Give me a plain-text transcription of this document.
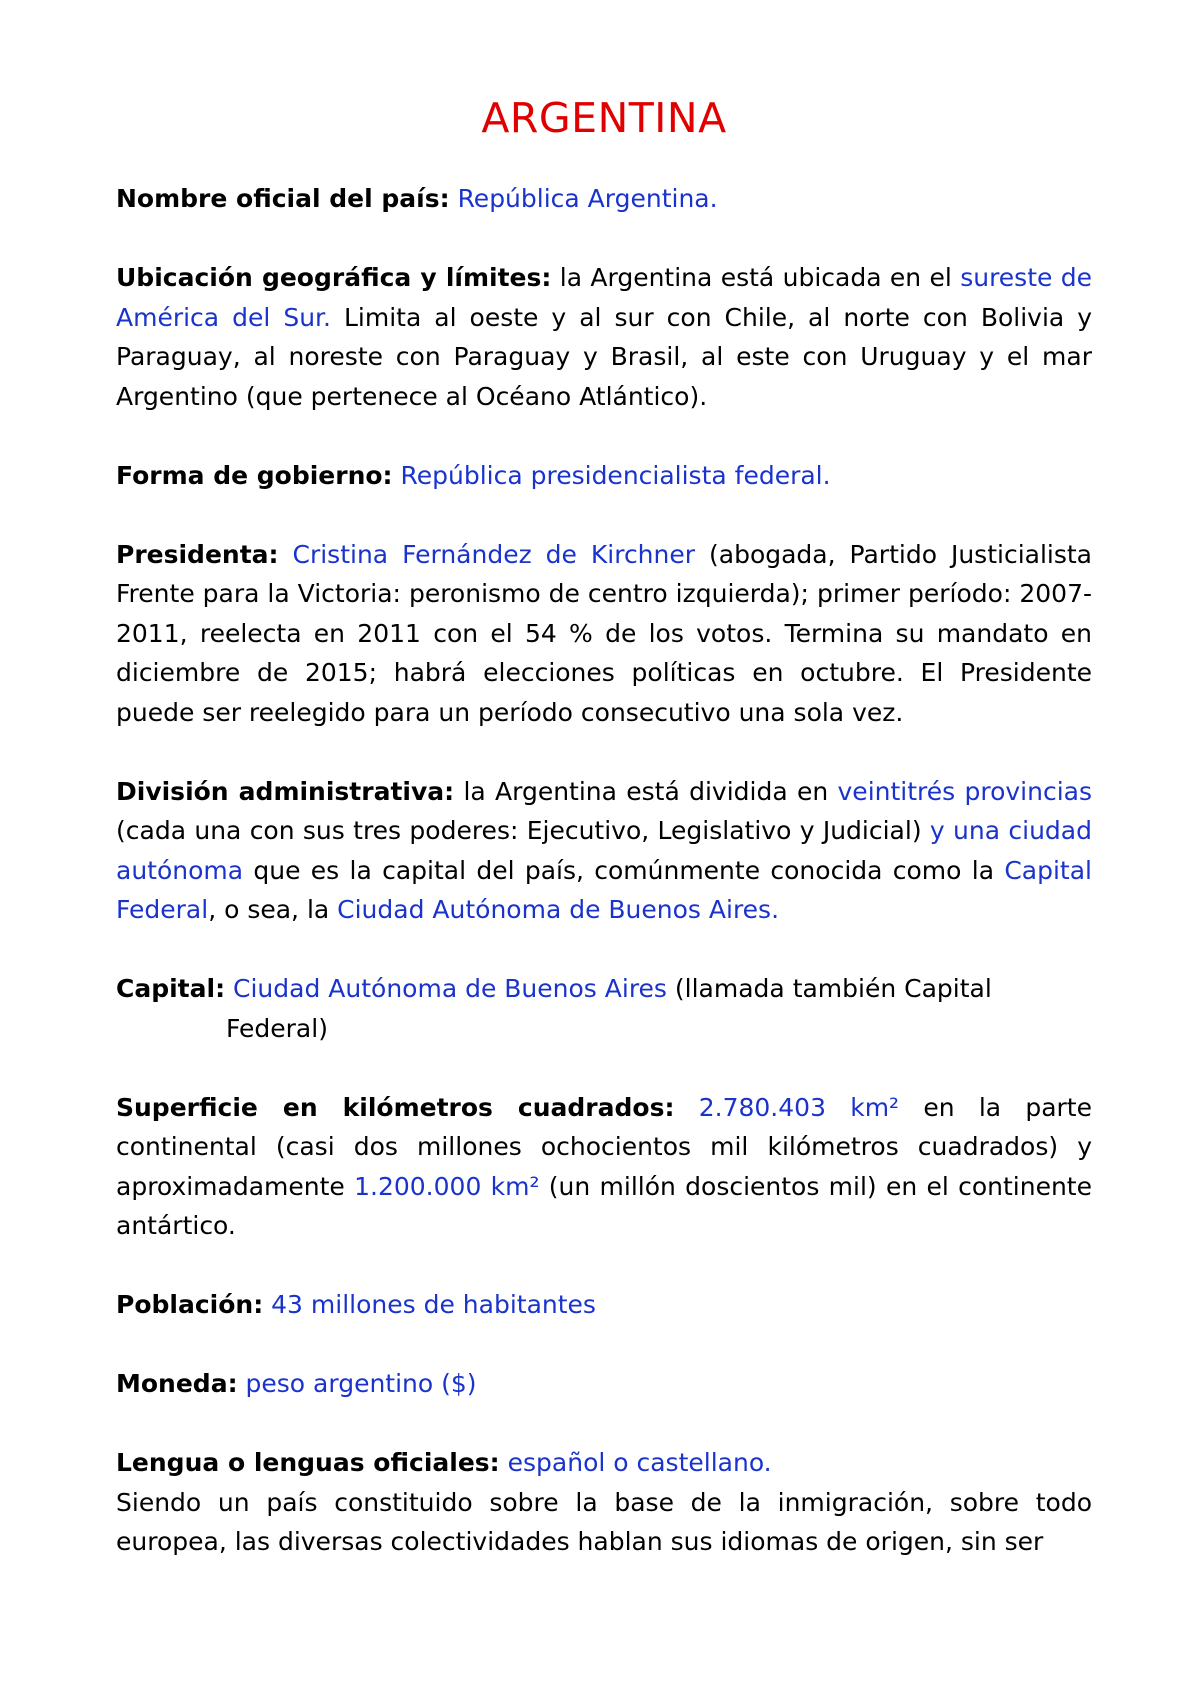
ARGENTINA

Nombre oficial del país: República Argentina.

Ubicación geográfica y límites: la Argentina está ubicada en el sureste de América del Sur. Limita al oeste y al sur con Chile, al norte con Bolivia y Paraguay, al noreste con Paraguay y Brasil, al este con Uruguay y el mar Argentino (que pertenece al Océano Atlántico).

Forma de gobierno: República presidencialista federal.

Presidenta: Cristina Fernández de Kirchner (abogada, Partido Justicialista Frente para la Victoria: peronismo de centro izquierda); primer período: 2007-2011, reelecta en 2011 con el 54 % de los votos. Termina su mandato en diciembre de 2015; habrá elecciones políticas en octubre. El Presidente puede ser reelegido para un período consecutivo una sola vez.

División administrativa: la Argentina está dividida en veintitrés provincias (cada una con sus tres poderes: Ejecutivo, Legislativo y Judicial) y una ciudad autónoma que es la capital del país, comúnmente conocida como la Capital Federal, o sea, la Ciudad Autónoma de Buenos Aires.

Capital: Ciudad Autónoma de Buenos Aires (llamada también Capital

Federal)

Superficie en kilómetros cuadrados: 2.780.403 km² en la parte continental (casi dos millones ochocientos mil kilómetros cuadrados) y aproximadamente 1.200.000 km² (un millón doscientos mil) en el continente antártico.

Población: 43 millones de habitantes

Moneda: peso argentino ($)

Lengua o lenguas oficiales: español o castellano.

Siendo un país constituido sobre la base de la inmigración, sobre todo europea, las diversas colectividades hablan sus idiomas de origen, sin ser
